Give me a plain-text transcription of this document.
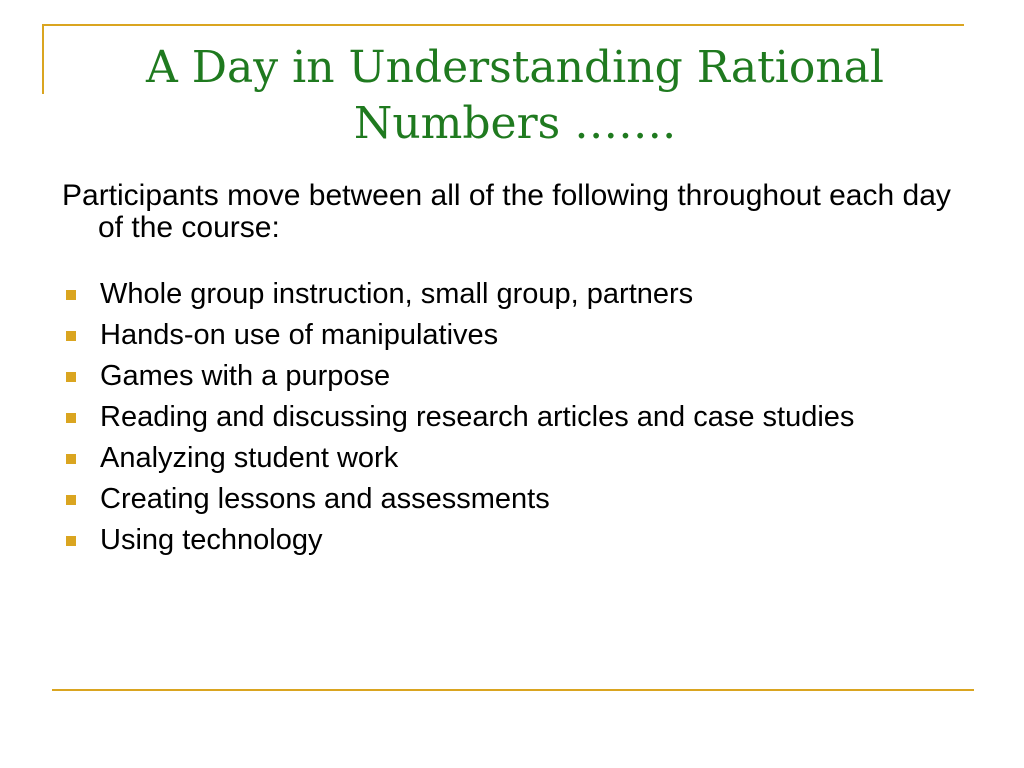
A Day in Understanding Rational
Numbers …….

Participants move between all of the following throughout each day of the course:

Whole group instruction, small group, partners
Hands-on use of manipulatives
Games with a purpose
Reading and discussing research articles and case studies
Analyzing student work
Creating lessons and assessments
Using technology
